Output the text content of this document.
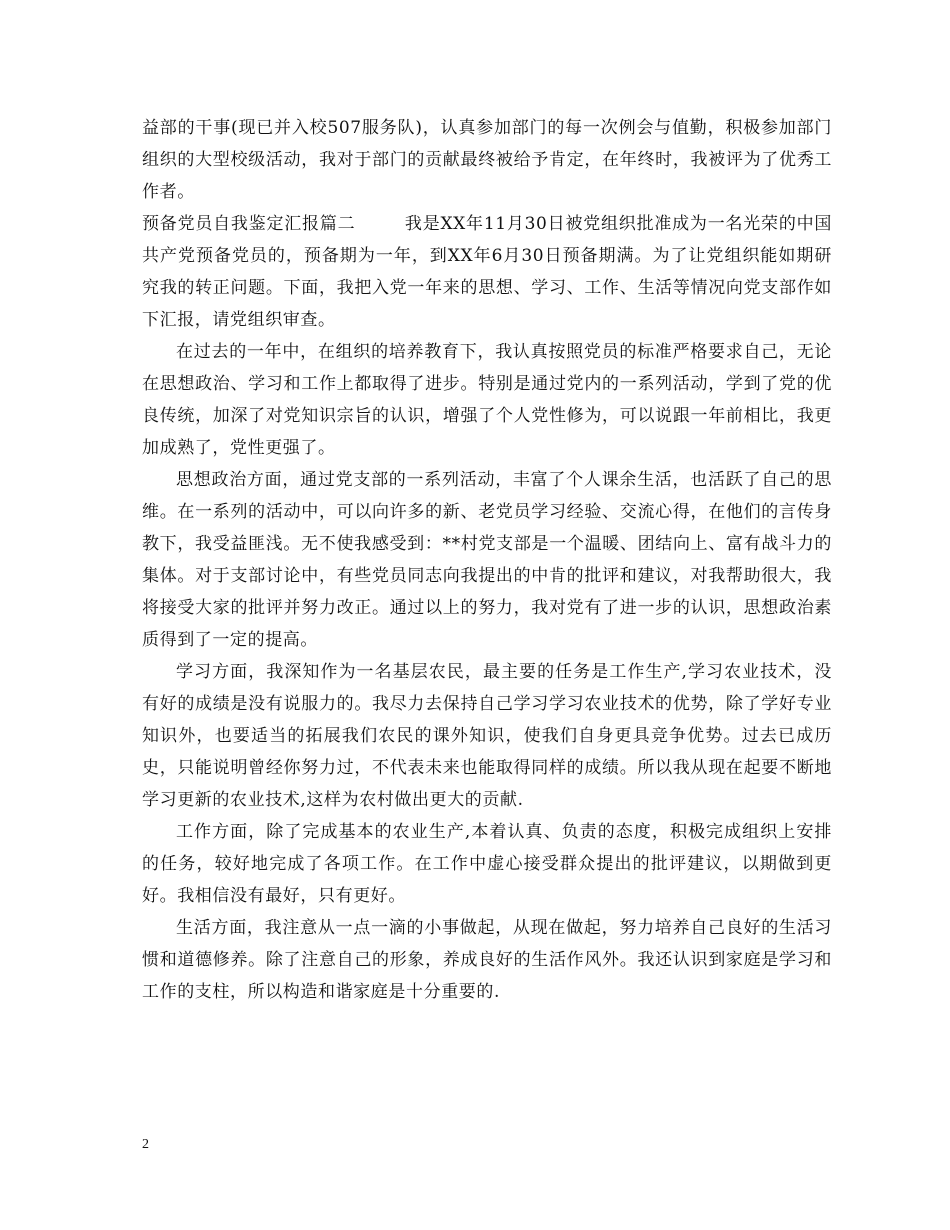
益部的干事(现已并入校507服务队)，认真参加部门的每一次例会与值勤，积极参加部门组织的大型校级活动，我对于部门的贡献最终被给予肯定，在年终时，我被评为了优秀工作者。

预备党员自我鉴定汇报篇二	我是XX年11月30日被党组织批准成为一名光荣的中国共产党预备党员的，预备期为一年，到XX年6月30日预备期满。为了让党组织能如期研究我的转正问题。下面，我把入党一年来的思想、学习、工作、生活等情况向党支部作如下汇报，请党组织审查。

在过去的一年中，在组织的培养教育下，我认真按照党员的标准严格要求自己，无论在思想政治、学习和工作上都取得了进步。特别是通过党内的一系列活动，学到了党的优良传统，加深了对党知识宗旨的认识，增强了个人党性修为，可以说跟一年前相比，我更加成熟了，党性更强了。

思想政治方面，通过党支部的一系列活动，丰富了个人课余生活，也活跃了自己的思维。在一系列的活动中，可以向许多的新、老党员学习经验、交流心得，在他们的言传身教下，我受益匪浅。无不使我感受到：**村党支部是一个温暖、团结向上、富有战斗力的集体。对于支部讨论中，有些党员同志向我提出的中肯的批评和建议，对我帮助很大，我将接受大家的批评并努力改正。通过以上的努力，我对党有了进一步的认识，思想政治素质得到了一定的提高。

学习方面，我深知作为一名基层农民，最主要的任务是工作生产,学习农业技术，没有好的成绩是没有说服力的。我尽力去保持自己学习学习农业技术的优势，除了学好专业知识外，也要适当的拓展我们农民的课外知识，使我们自身更具竞争优势。过去已成历史，只能说明曾经你努力过，不代表未来也能取得同样的成绩。所以我从现在起要不断地学习更新的农业技术,这样为农村做出更大的贡献.

工作方面，除了完成基本的农业生产,本着认真、负责的态度，积极完成组织上安排的任务，较好地完成了各项工作。在工作中虚心接受群众提出的批评建议，以期做到更好。我相信没有最好，只有更好。

生活方面，我注意从一点一滴的小事做起，从现在做起，努力培养自己良好的生活习惯和道德修养。除了注意自己的形象，养成良好的生活作风外。我还认识到家庭是学习和工作的支柱，所以构造和谐家庭是十分重要的.

2
